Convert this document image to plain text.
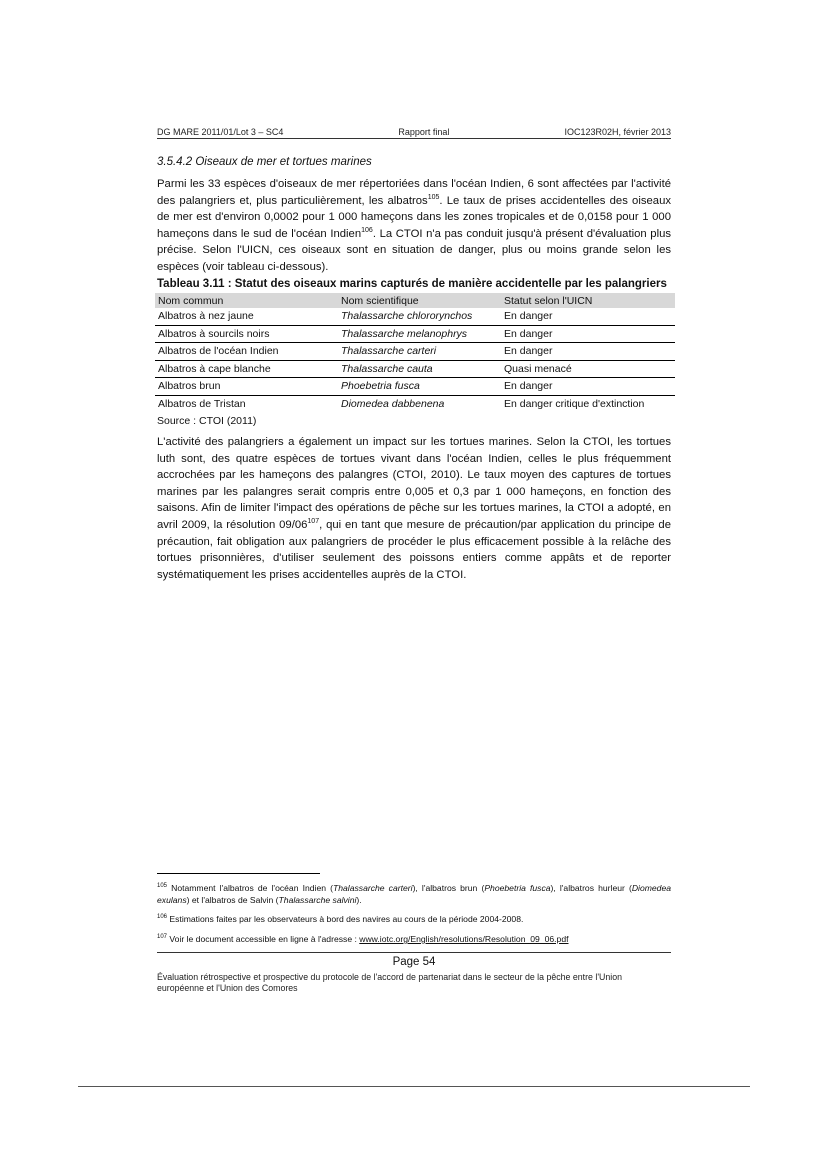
DG MARE 2011/01/Lot 3 – SC4	Rapport final	IOC123R02H, février 2013
3.5.4.2 Oiseaux de mer et tortues marines

Parmi les 33 espèces d'oiseaux de mer répertoriées dans l'océan Indien, 6 sont affectées par l'activité des palangriers et, plus particulièrement, les albatros$^{105}$. Le taux de prises accidentelles des oiseaux de mer est d'environ 0,0002 pour 1 000 hameçons dans les zones tropicales et de 0,0158 pour 1 000 hameçons dans le sud de l'océan Indien$^{106}$. La CTOI n'a pas conduit jusqu'à présent d'évaluation plus précise. Selon l'UICN, ces oiseaux sont en situation de danger, plus ou moins grande selon les espèces (voir tableau ci-dessous).

Tableau 3.11 : Statut des oiseaux marins capturés de manière accidentelle par les palangriers
Nom commun	Nom scientifique	Statut selon l'UICN
Albatros à nez jaune	Thalassarche chlororynchos	En danger
Albatros à sourcils noirs	Thalassarche melanophrys	En danger
Albatros de l'océan Indien	Thalassarche carteri	En danger
Albatros à cape blanche	Thalassarche cauta	Quasi menacé
Albatros brun	Phoebetria fusca	En danger
Albatros de Tristan	Diomedea dabbenena	En danger critique d'extinction
Source : CTOI (2011)

L'activité des palangriers a également un impact sur les tortues marines. Selon la CTOI, les tortues luth sont, des quatre espèces de tortues vivant dans l'océan Indien, celles le plus fréquemment accrochées par les hameçons des palangres (CTOI, 2010). Le taux moyen des captures de tortues marines par les palangres serait compris entre 0,005 et 0,3 par 1 000 hameçons, en fonction des saisons. Afin de limiter l'impact des opérations de pêche sur les tortues marines, la CTOI a adopté, en avril 2009, la résolution $09/06^{107}$, qui en tant que mesure de précaution/par application du principe de précaution, fait obligation aux palangriers de procéder le plus efficacement possible à la relâche des tortues prisonnières, d'utiliser seulement des poissons entiers comme appâts et de reporter systématiquement les prises accidentelles auprès de la CTOI.

$^{105}$ Notamment l'albatros de l'océan Indien (Thalassarche carteri), l'albatros brun (Phoebetria fusca), l'albatros hurleur (Diomedea exulans) et l'albatros de Salvin (Thalassarche salvini).

$^{106}$ Estimations faites par les observateurs à bord des navires au cours de la période 2004-2008.

$^{107}$ Voir le document accessible en ligne à l'adresse : www.iotc.org/English/resolutions/Resolution_09_06.pdf

Page 54
Évaluation rétrospective et prospective du protocole de l'accord de partenariat dans le secteur de la pêche entre l'Union européenne et l'Union des Comores
